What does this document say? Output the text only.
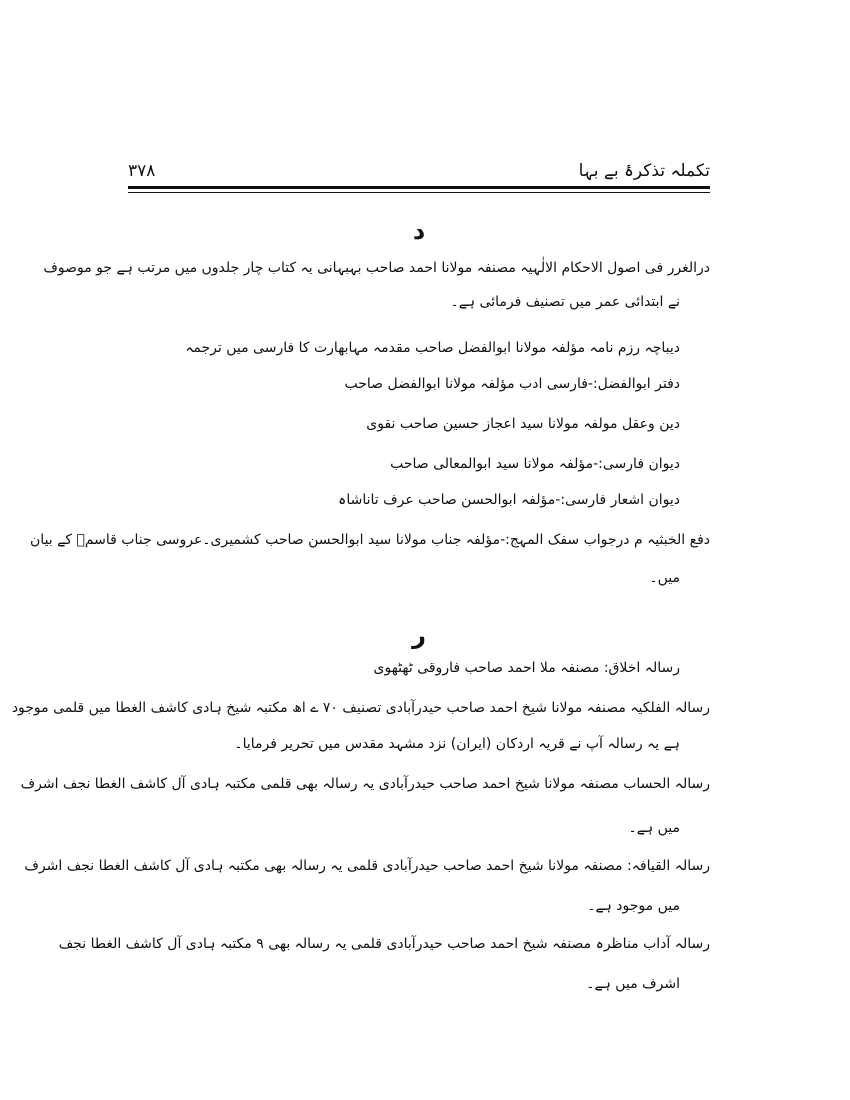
تکملہ تذکرۂ بے بہا
۳۷۸
د
درالغرر فی اصول الاحکام الالٰہیہ مصنفہ مولانا احمد صاحب بہبہانی یہ کتاب چار جلدوں میں مرتب ہے جو موصوف
نے ابتدائی عمر میں تصنیف فرمائی ہے۔
دیباچہ رزم نامہ مؤلفہ مولانا ابوالفضل صاحب مقدمہ مہابھارت کا فارسی میں ترجمہ
دفتر ابوالفضل:-فارسی ادب مؤلفہ مولانا ابوالفضل صاحب
دین وعقل مولفہ مولانا سید اعجاز حسین صاحب نقوی
دیوان فارسی:-مؤلفہ مولانا سید ابوالمعالی صاحب
دیوان اشعار فارسی:-مؤلفہ ابوالحسن صاحب عرف تاناشاہ
دفع الخبثیہ م درجواب سفک المہج:-مؤلفہ جناب مولانا سید ابوالحسن صاحب کشمیری۔عروسی جناب قاسمؒ کے بیان
میں۔
ر
رسالہ اخلاق: مصنفہ ملا احمد صاحب فاروقی ٹھٹھوی
رسالہ الفلکیہ مصنفہ مولانا شیخ احمد صاحب حیدرآبادی تصنیف ۷۰ ے اھ مکتبہ شیخ ہادی کاشف الغطا میں قلمی موجود
ہے یہ رسالہ آپ نے قریہ اردکان (ایران) نزد مشہد مقدس میں تحریر فرمایا۔
رسالہ الحساب مصنفہ مولانا شیخ احمد صاحب حیدرآبادی یہ رسالہ بھی قلمی مکتبہ ہادی آل کاشف الغطا نجف اشرف
میں ہے۔
رسالہ القیافہ: مصنفہ مولانا شیخ احمد صاحب حیدرآبادی قلمی یہ رسالہ بھی مکتبہ ہادی آل کاشف الغطا نجف اشرف
میں موجود ہے۔
رسالہ آداب مناظرہ مصنفہ شیخ احمد صاحب حیدرآبادی قلمی یہ رسالہ بھی ۹ مکتبہ ہادی آل کاشف الغطا نجف
اشرف میں ہے۔
